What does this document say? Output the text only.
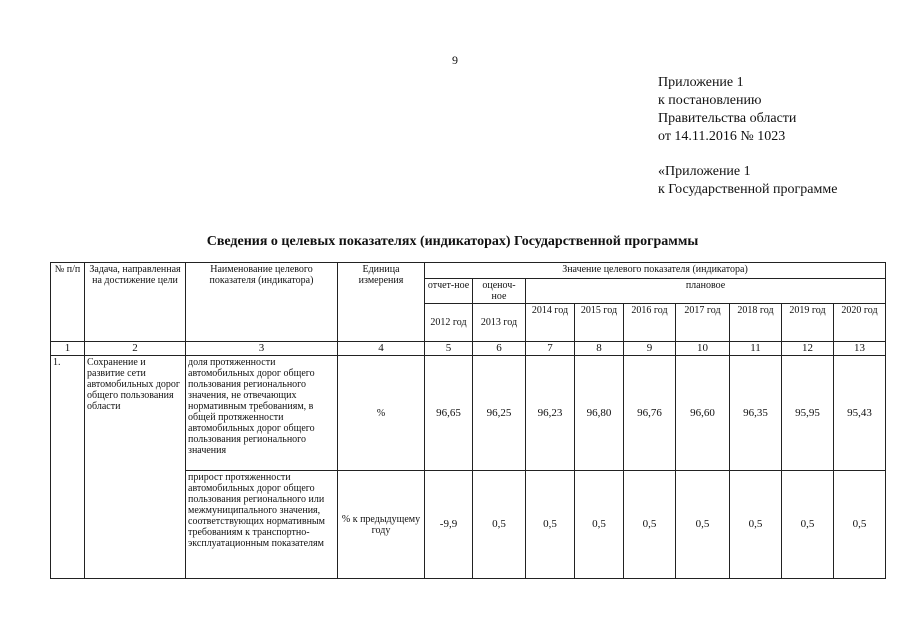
9
Приложение 1
к постановлению
Правительства области
от 14.11.2016 № 1023
«Приложение 1
к Государственной программе
Сведения о целевых показателях (индикаторах) Государственной программы
№ п/п	Задача, направленная на достижение цели	Наименование целевого показателя (индикатора)	Единица измерения	Значение целевого показателя (индикатора)								
				отчет-ное	оценоч-ное	плановое						
				2012 год	2013 год	2014 год	2015 год	2016 год	2017 год	2018 год	2019 год	2020 год
1	2	3	4	5	6	7	8	9	10	11	12	13
1.	Сохранение и развитие сети автомобильных дорог общего пользования области	доля протяженности автомобильных дорог общего пользования регионального значения, не отвечающих нормативным требованиям, в общей протяженности автомобильных дорог общего пользования регионального значения	%	96,65	96,25	96,23	96,80	96,76	96,60	96,35	95,95	95,43
		прирост протяженности автомобильных дорог общего пользования регионального или межмуниципального значения, соответствующих нормативным требованиям к транспортно-эксплуатационным показателям	% к предыдущему году	-9,9	0,5	0,5	0,5	0,5	0,5	0,5	0,5	0,5
